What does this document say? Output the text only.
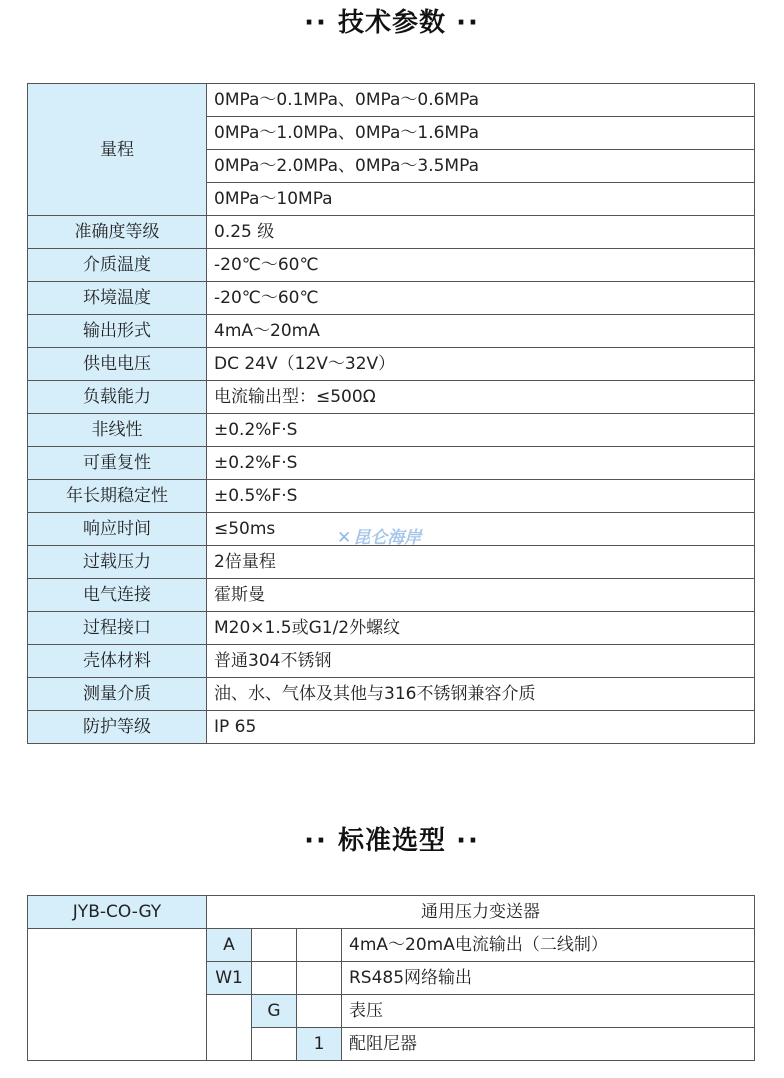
·· 技术参数 ··
量程	0MPa～0.1MPa、0MPa～0.6MPa
	0MPa～1.0MPa、0MPa～1.6MPa
	0MPa～2.0MPa、0MPa～3.5MPa
	0MPa～10MPa
准确度等级	0.25 级
介质温度	-20℃～60℃
环境温度	-20℃～60℃
输出形式	4mA～20mA
供电电压	DC 24V（12V～32V）
负载能力	电流输出型：≤500Ω
非线性	±0.2%F·S
可重复性	±0.2%F·S
年长期稳定性	±0.5%F·S
响应时间	≤50ms
过载压力	2倍量程
电气连接	霍斯曼
过程接口	M20×1.5或G1/2外螺纹
壳体材料	普通304不锈钢
测量介质	油、水、气体及其他与316不锈钢兼容介质
防护等级	IP 65
✕ 昆仑海岸
·· 标准选型 ··
JYB-CO-GY	通用压力变送器			
	A			4mA～20mA电流输出（二线制）
	W1			RS485网络输出
		G		表压
			1	配阻尼器
